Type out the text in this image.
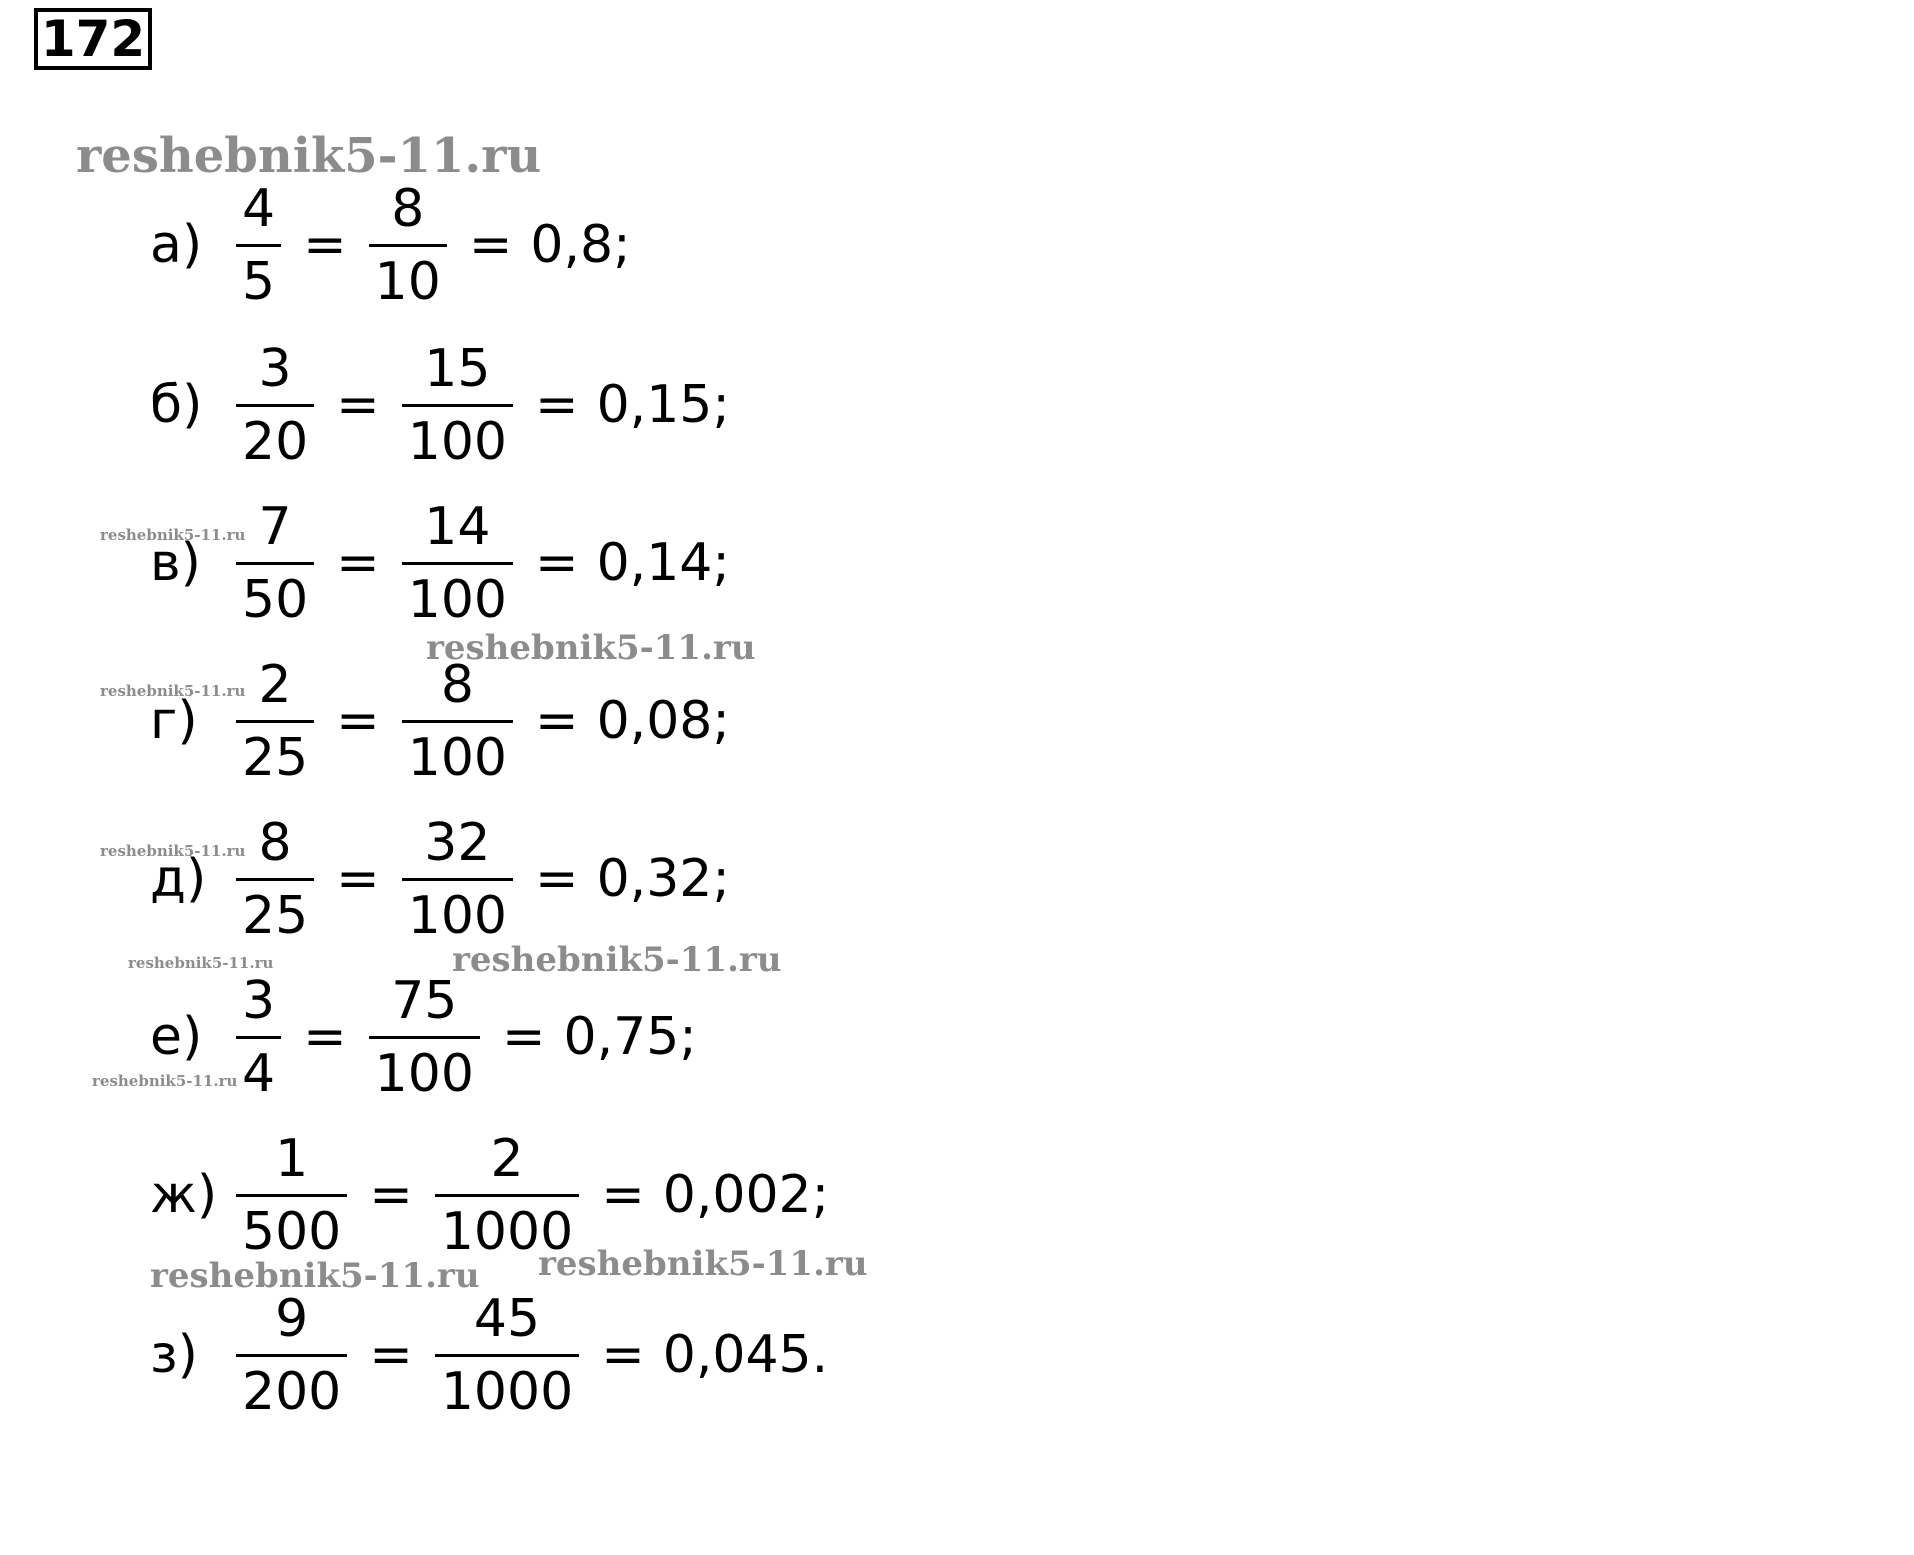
172
reshebnik5-11.ru
reshebnik5-11.ru
reshebnik5-11.ru
reshebnik5-11.ru
reshebnik5-11.ru
reshebnik5-11.ru	reshebnik5-11.ru
reshebnik5-11.ru
reshebnik5-11.ru reshebnik5-11.ru
$а) \frac{4}{5} = \frac{8}{10} = 0,8$;
$б) \frac{3}{20} = \frac{15}{100} = 0,15$;
$в) \frac{7}{50} = \frac{14}{100} = 0,14$;
$г) \frac{2}{25} = \frac{8}{100} = 0,08$;
$д) \frac{8}{25} = \frac{32}{100} = 0,32$;
$е) \frac{3}{4} = \frac{75}{100} = 0,75$;
$ж) \frac{1}{500} = \frac{2}{1000} = 0,002$;
$з) \frac{9}{200} = \frac{45}{1000} = 0,045$.
